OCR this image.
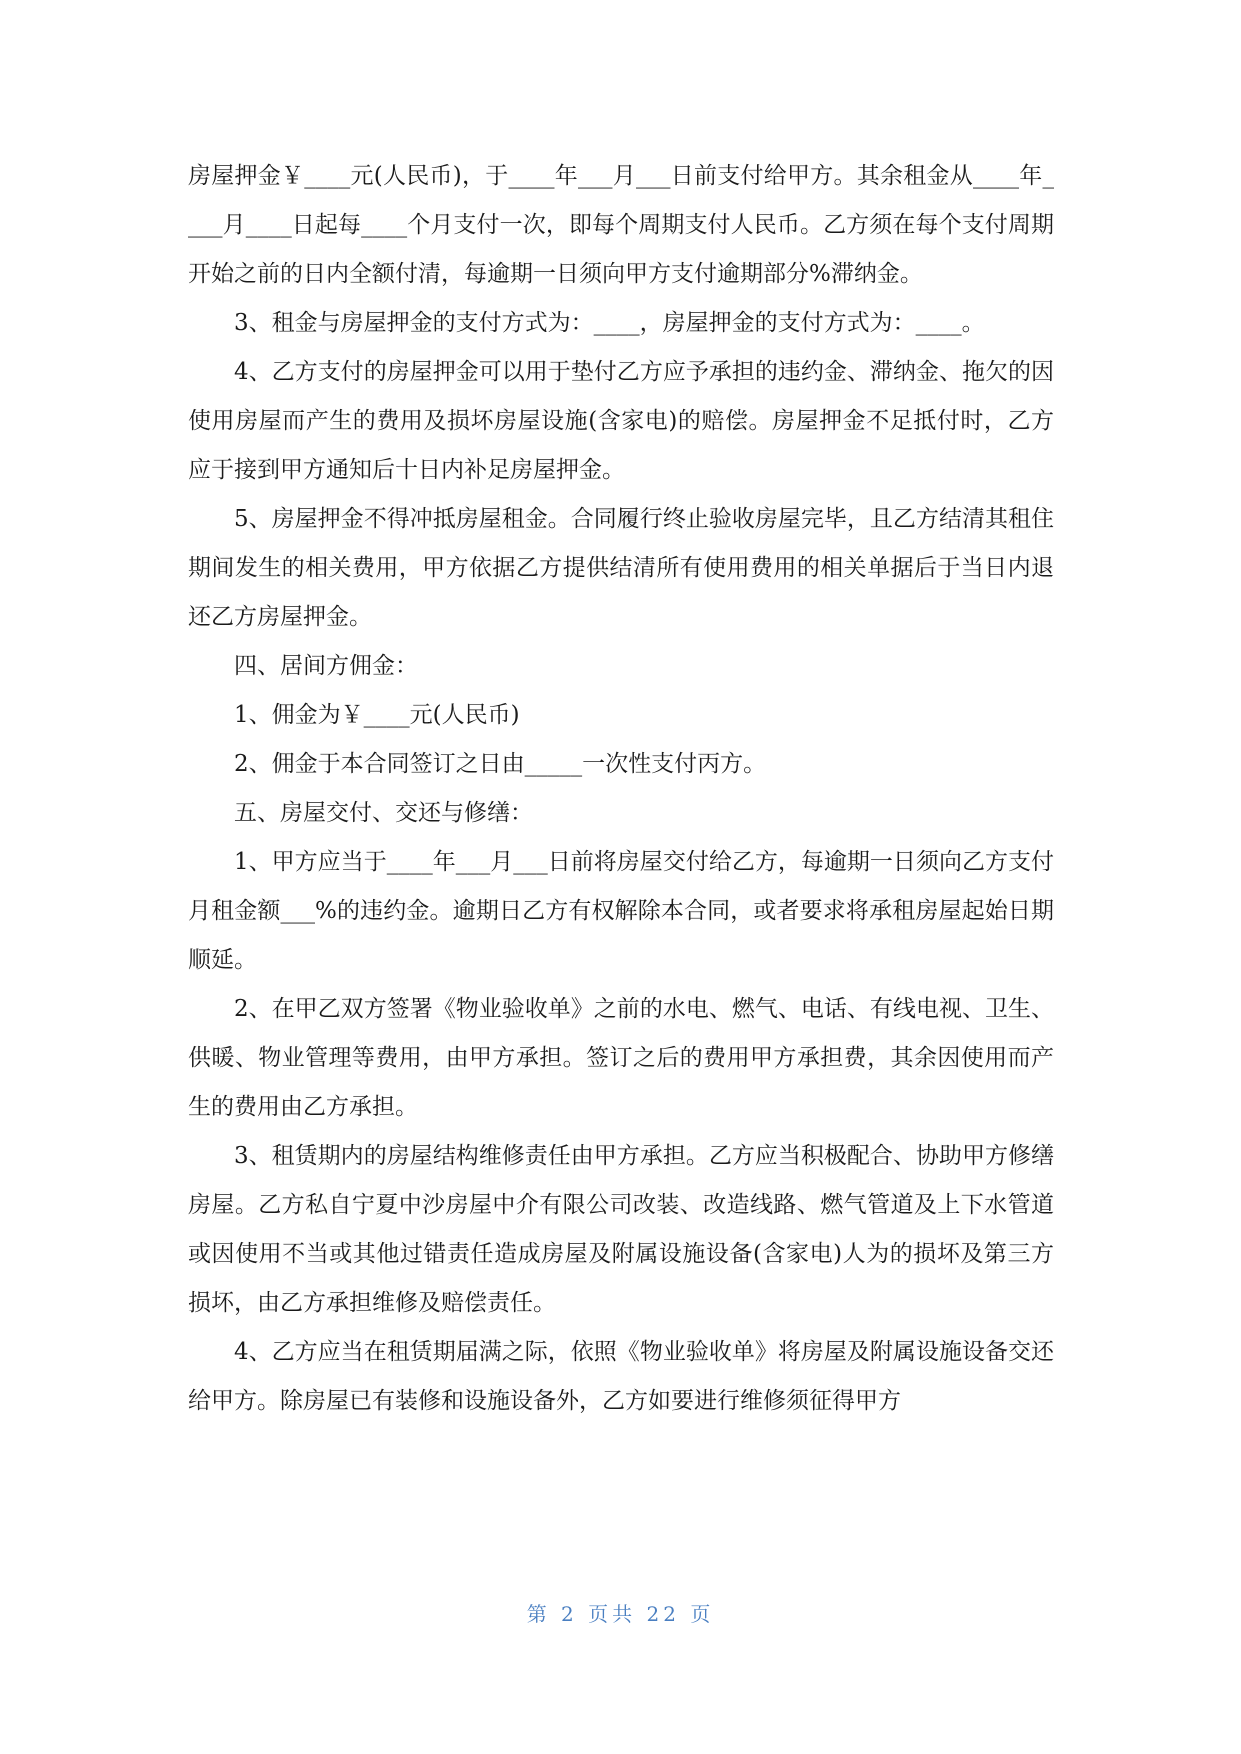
房屋押金￥____元(人民币)，于____年___月___日前支付给甲方。其余租金从____年____月____日起每____个月支付一次，即每个周期支付人民币。乙方须在每个支付周期开始之前的日内全额付清，每逾期一日须向甲方支付逾期部分%滞纳金。

3、租金与房屋押金的支付方式为：____，房屋押金的支付方式为：____。

4、乙方支付的房屋押金可以用于垫付乙方应予承担的违约金、滞纳金、拖欠的因使用房屋而产生的费用及损坏房屋设施(含家电)的赔偿。房屋押金不足抵付时，乙方应于接到甲方通知后十日内补足房屋押金。

5、房屋押金不得冲抵房屋租金。合同履行终止验收房屋完毕，且乙方结清其租住期间发生的相关费用，甲方依据乙方提供结清所有使用费用的相关单据后于当日内退还乙方房屋押金。

四、居间方佣金：

1、佣金为￥____元(人民币)

2、佣金于本合同签订之日由_____一次性支付丙方。

五、房屋交付、交还与修缮：

1、甲方应当于____年___月___日前将房屋交付给乙方，每逾期一日须向乙方支付月租金额___%的违约金。逾期日乙方有权解除本合同，或者要求将承租房屋起始日期顺延。

2、在甲乙双方签署《物业验收单》之前的水电、燃气、电话、有线电视、卫生、供暖、物业管理等费用，由甲方承担。签订之后的费用甲方承担费，其余因使用而产生的费用由乙方承担。

3、租赁期内的房屋结构维修责任由甲方承担。乙方应当积极配合、协助甲方修缮房屋。乙方私自宁夏中沙房屋中介有限公司改装、改造线路、燃气管道及上下水管道或因使用不当或其他过错责任造成房屋及附属设施设备(含家电)人为的损坏及第三方损坏，由乙方承担维修及赔偿责任。

4、乙方应当在租赁期届满之际，依照《物业验收单》将房屋及附属设施设备交还给甲方。除房屋已有装修和设施设备外，乙方如要进行维修须征得甲方

第 2 页共 22 页
